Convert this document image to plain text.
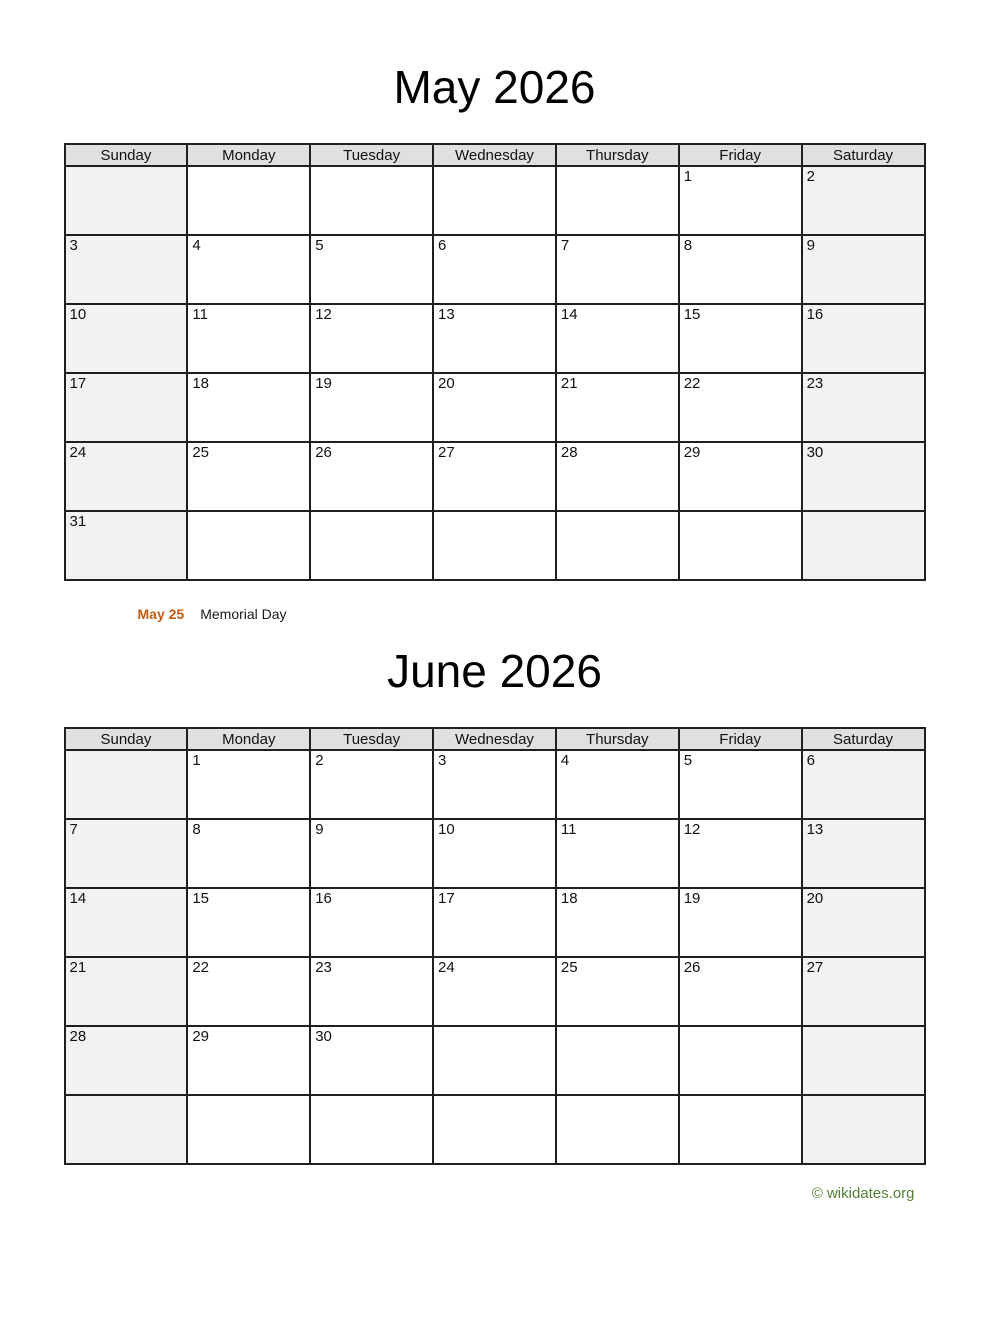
May 2026
Sunday	Monday	Tuesday	Wednesday	Thursday	Friday	Saturday
					1	2
3	4	5	6	7	8	9
10	11	12	13	14	15	16
17	18	19	20	21	22	23
24	25	26	27	28	29	30
31						
May 25 Memorial Day
June 2026
Sunday	Monday	Tuesday	Wednesday	Thursday	Friday	Saturday
	1	2	3	4	5	6
7	8	9	10	11	12	13
14	15	16	17	18	19	20
21	22	23	24	25	26	27
28	29	30				

© wikidates.org
